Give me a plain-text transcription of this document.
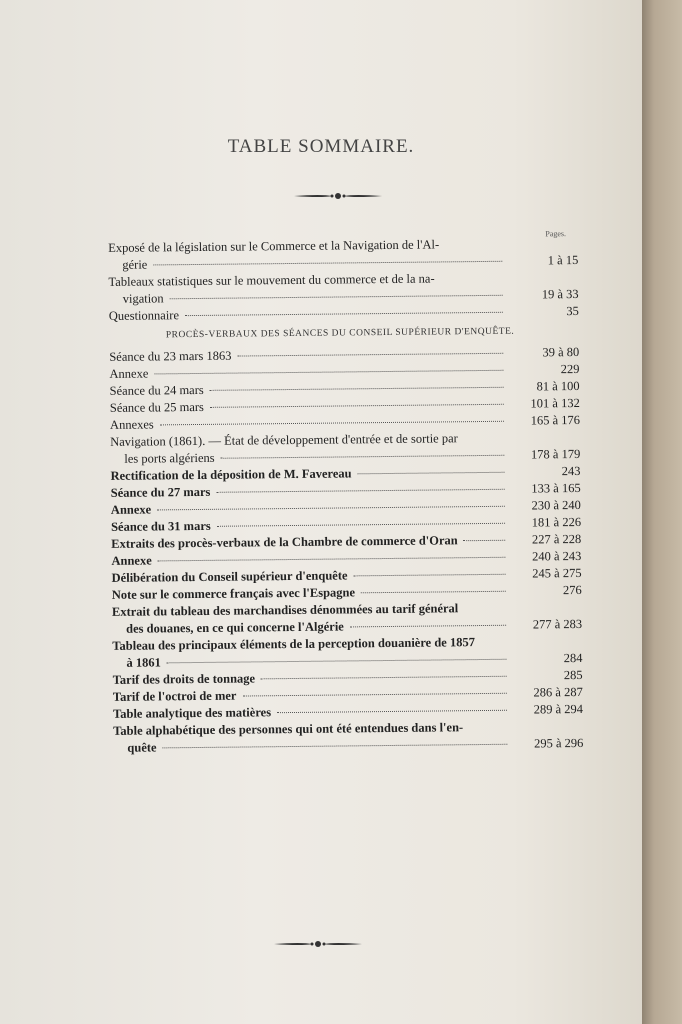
TABLE SOMMAIRE.
Pages.
Exposé de la législation sur le Commerce et la Navigation de l'Al-
gérie	1 à 15
Tableaux statistiques sur le mouvement du commerce et de la na-
vigation	19 à 33
Questionnaire	35
PROCÈS-VERBAUX DES SÉANCES DU CONSEIL SUPÉRIEUR D'ENQUÊTE.
Séance du 23 mars 1863	39 à 80
Annexe	229
Séance du 24 mars	81 à 100
Séance du 25 mars	101 à 132
Annexes	165 à 176
Navigation (1861). — État de développement d'entrée et de sortie par
les ports algériens	178 à 179
Rectification de la déposition de M. Favereau	243
Séance du 27 mars	133 à 165
Annexe	230 à 240
Séance du 31 mars	181 à 226
Extraits des procès-verbaux de la Chambre de commerce d'Oran	227 à 228
Annexe	240 à 243
Délibération du Conseil supérieur d'enquête	245 à 275
Note sur le commerce français avec l'Espagne	276
Extrait du tableau des marchandises dénommées au tarif général
des douanes, en ce qui concerne l'Algérie	277 à 283
Tableau des principaux éléments de la perception douanière de 1857
à 1861	284
Tarif des droits de tonnage	285
Tarif de l'octroi de mer	286 à 287
Table analytique des matières	289 à 294
Table alphabétique des personnes qui ont été entendues dans l'en-
quête	295 à 296
